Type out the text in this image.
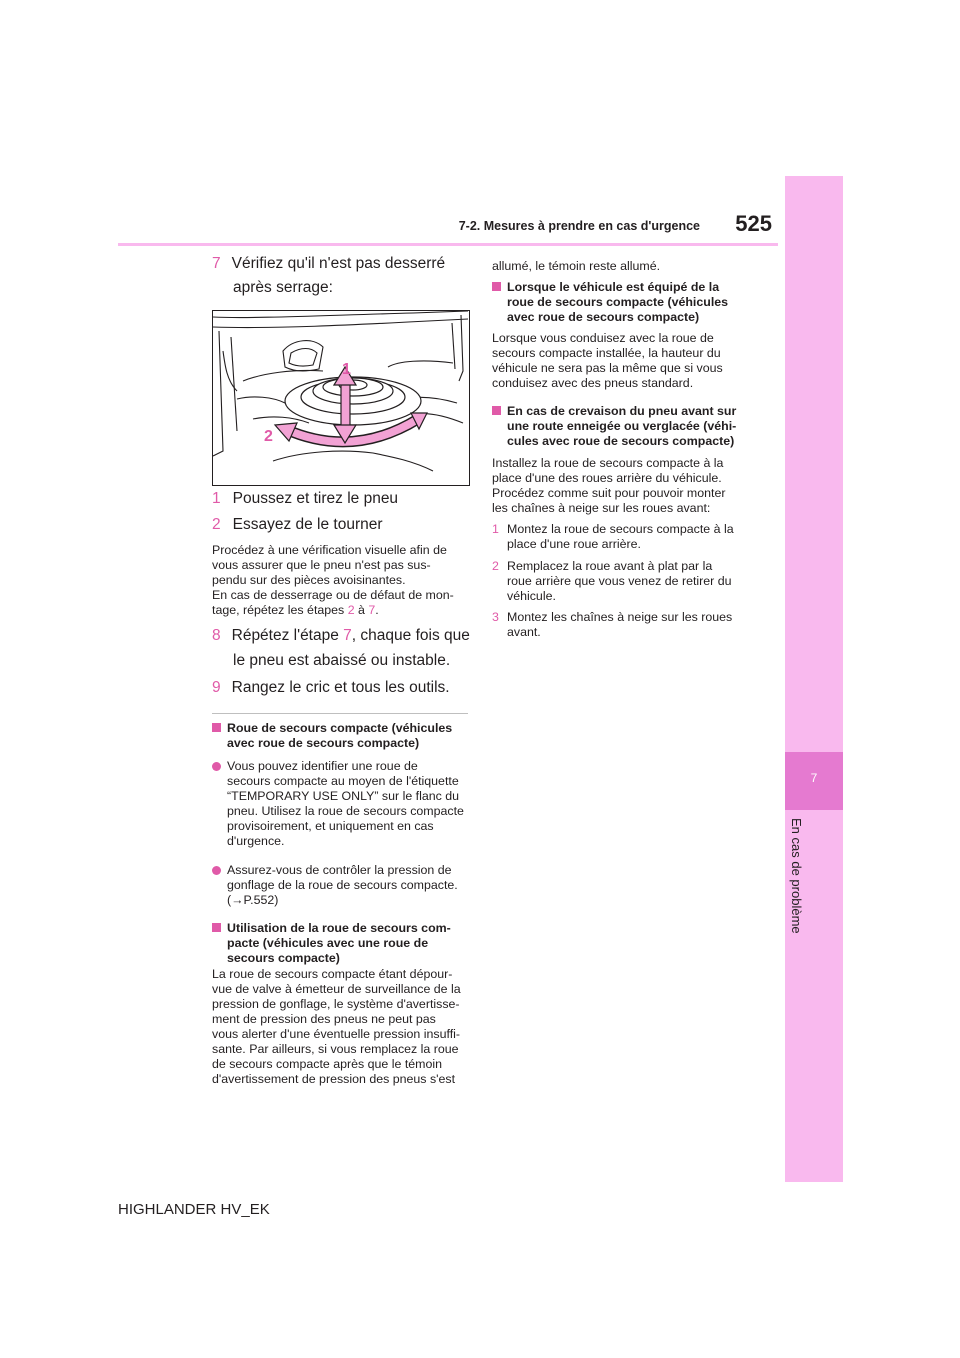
7-2. Mesures à prendre en cas d'urgence	525
7
En cas de problème
7 Vérifiez qu'il n'est pas desserré
après serrage:
1
2
1 Poussez et tirez le pneu
2 Essayez de le tourner
Procédez à une vérification visuelle afin de
vous assurer que le pneu n'est pas sus-
pendu sur des pièces avoisinantes.
En cas de desserrage ou de défaut de mon-
tage, répétez les étapes 2 à 7.
8 Répétez l'étape 7, chaque fois que
le pneu est abaissé ou instable.
9 Rangez le cric et tous les outils.
Roue de secours compacte (véhicules
avec roue de secours compacte)
Vous pouvez identifier une roue de
secours compacte au moyen de l'étiquette
“TEMPORARY USE ONLY” sur le flanc du
pneu. Utilisez la roue de secours compacte
provisoirement, et uniquement en cas
d'urgence.
Assurez-vous de contrôler la pression de
gonflage de la roue de secours compacte.
(→P.552)
Utilisation de la roue de secours com-
pacte (véhicules avec une roue de
secours compacte)
La roue de secours compacte étant dépour-
vue de valve à émetteur de surveillance de la
pression de gonflage, le système d'avertisse-
ment de pression des pneus ne peut pas
vous alerter d'une éventuelle pression insuffi-
sante. Par ailleurs, si vous remplacez la roue
de secours compacte après que le témoin
d'avertissement de pression des pneus s'est
allumé, le témoin reste allumé.
Lorsque le véhicule est équipé de la
roue de secours compacte (véhicules
avec roue de secours compacte)
Lorsque vous conduisez avec la roue de
secours compacte installée, la hauteur du
véhicule ne sera pas la même que si vous
conduisez avec des pneus standard.
En cas de crevaison du pneu avant sur
une route enneigée ou verglacée (véhi-
cules avec roue de secours compacte)
Installez la roue de secours compacte à la
place d'une des roues arrière du véhicule.
Procédez comme suit pour pouvoir monter
les chaînes à neige sur les roues avant:
1 Montez la roue de secours compacte à la
place d'une roue arrière.
2 Remplacez la roue avant à plat par la
roue arrière que vous venez de retirer du
véhicule.
3 Montez les chaînes à neige sur les roues
avant.
HIGHLANDER HV_EK
